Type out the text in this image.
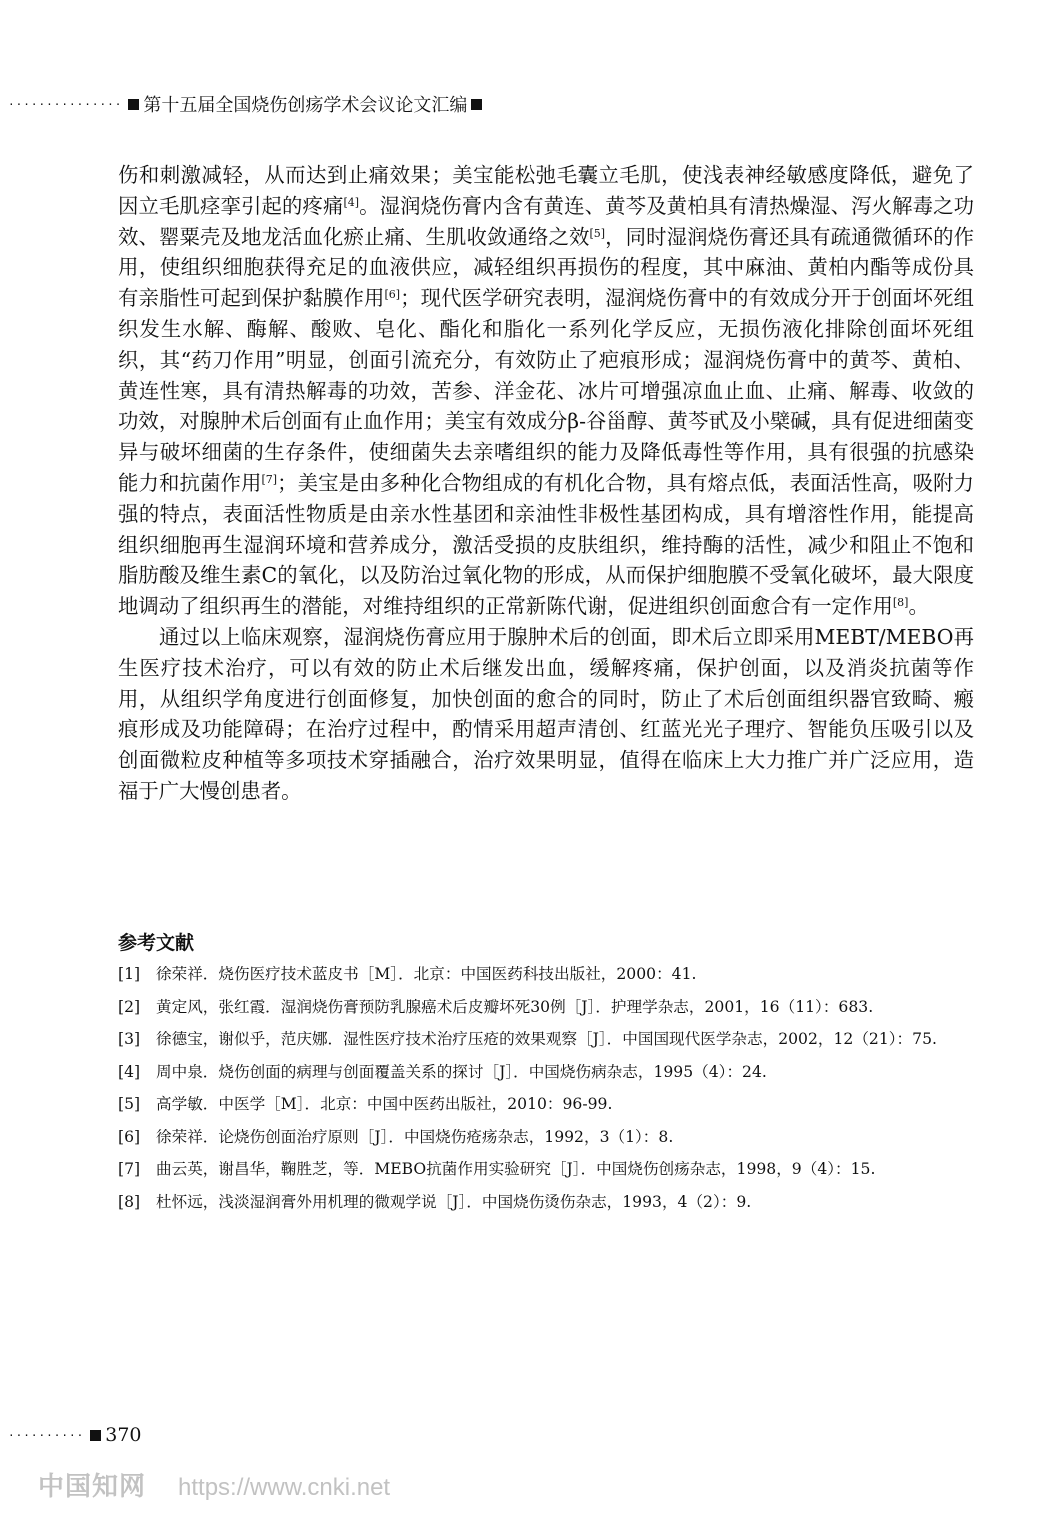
··············· 第十五届全国烧伤创疡学术会议论文汇编

伤和刺激减轻，从而达到止痛效果；美宝能松弛毛囊立毛肌，使浅表神经敏感度降低，避免了因立毛肌痉挛引起的疼痛[4]。湿润烧伤膏内含有黄连、黄芩及黄柏具有清热燥湿、泻火解毒之功效、罂粟壳及地龙活血化瘀止痛、生肌收敛通络之效[5]，同时湿润烧伤膏还具有疏通微循环的作用，使组织细胞获得充足的血液供应，减轻组织再损伤的程度，其中麻油、黄柏内酯等成份具有亲脂性可起到保护黏膜作用[6]；现代医学研究表明，湿润烧伤膏中的有效成分开于创面坏死组织发生水解、酶解、酸败、皂化、酯化和脂化一系列化学反应，无损伤液化排除创面坏死组织，其“药刀作用”明显，创面引流充分，有效防止了疤痕形成；湿润烧伤膏中的黄芩、黄柏、黄连性寒，具有清热解毒的功效，苦参、洋金花、冰片可增强凉血止血、止痛、解毒、收敛的功效，对腺肿术后创面有止血作用；美宝有效成分β-谷甾醇、黄芩甙及小檗碱，具有促进细菌变异与破坏细菌的生存条件，使细菌失去亲嗜组织的能力及降低毒性等作用，具有很强的抗感染能力和抗菌作用[7]；美宝是由多种化合物组成的有机化合物，具有熔点低，表面活性高，吸附力强的特点，表面活性物质是由亲水性基团和亲油性非极性基团构成，具有增溶性作用，能提高组织细胞再生湿润环境和营养成分，激活受损的皮肤组织，维持酶的活性，减少和阻止不饱和脂肪酸及维生素C的氧化，以及防治过氧化物的形成，从而保护细胞膜不受氧化破坏，最大限度地调动了组织再生的潜能，对维持组织的正常新陈代谢，促进组织创面愈合有一定作用[8]。

通过以上临床观察，湿润烧伤膏应用于腺肿术后的创面，即术后立即采用MEBT/MEBO再生医疗技术治疗，可以有效的防止术后继发出血，缓解疼痛，保护创面，以及消炎抗菌等作用，从组织学角度进行创面修复，加快创面的愈合的同时，防止了术后创面组织器官致畸、瘢痕形成及功能障碍；在治疗过程中，酌情采用超声清创、红蓝光光子理疗、智能负压吸引以及创面微粒皮种植等多项技术穿插融合，治疗效果明显，值得在临床上大力推广并广泛应用，造福于广大慢创患者。

参考文献
[1]	徐荣祥．烧伤医疗技术蓝皮书［M］．北京：中国医药科技出版社，2000：41.
[2]	黄定风，张红霞．湿润烧伤膏预防乳腺癌术后皮瓣坏死30例［J］．护理学杂志，2001，16（11）：683.
[3]	徐德宝，谢似乎，范庆娜．湿性医疗技术治疗压疮的效果观察［J］．中国国现代医学杂志，2002，12（21）：75.
[4]	周中泉．烧伤创面的病理与创面覆盖关系的探讨［J］．中国烧伤病杂志，1995（4）：24.
[5]	高学敏．中医学［M］．北京：中国中医药出版社，2010：96-99.
[6]	徐荣祥．论烧伤创面治疗原则［J］．中国烧伤疮疡杂志，1992，3（1）：8.
[7]	曲云英，谢昌华，鞠胜芝，等．MEBO抗菌作用实验研究［J］．中国烧伤创疡杂志，1998，9（4）：15.
[8]	杜怀远，浅淡湿润膏外用机理的微观学说［J］．中国烧伤烫伤杂志，1993，4（2）：9.
·········· 370
中国知网 https://www.cnki.net
